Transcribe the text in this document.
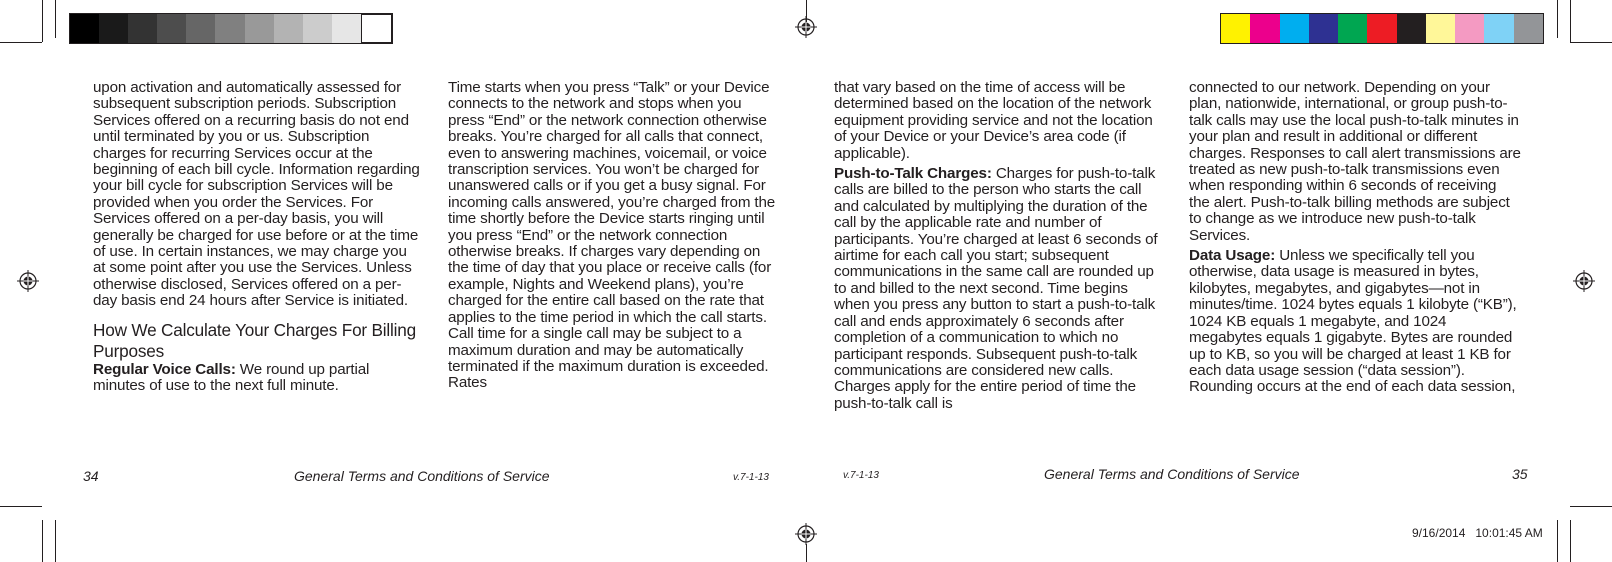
upon activation and automatically assessed for subsequent subscription periods. Subscription Services offered on a recurring basis do not end until terminated by you or us. Subscription charges for recurring Services occur at the beginning of each bill cycle. Information regarding your bill cycle for subscription Services will be provided when you order the Services. For Services offered on a per-day basis, you will generally be charged for use before or at the time of use. In certain instances, we may charge you at some point after you use the Services. Unless otherwise disclosed, Services offered on a per-day basis end 24 hours after Service is initiated.

How We Calculate Your Charges For Billing Purposes

Regular Voice Calls: We round up partial minutes of use to the next full minute.

Time starts when you press “Talk” or your Device connects to the network and stops when you press “End” or the network connection otherwise breaks. You’re charged for all calls that connect, even to answering machines, voicemail, or voice transcription services. You won’t be charged for unanswered calls or if you get a busy signal. For incoming calls answered, you’re charged from the time shortly before the Device starts ringing until you press “End” or the network connection otherwise breaks. If charges vary depending on the time of day that you place or receive calls (for example, Nights and Weekend plans), you’re charged for the entire call based on the rate that applies to the time period in which the call starts. Call time for a single call may be subject to a maximum duration and may be automatically terminated if the maximum duration is exceeded. Rates

34	General Terms and Conditions of Service	v.7-1-13

that vary based on the time of access will be determined based on the location of the network equipment providing service and not the location of your Device or your Device’s area code (if applicable).

Push-to-Talk Charges: Charges for push-to-talk calls are billed to the person who starts the call and calculated by multiplying the duration of the call by the applicable rate and number of participants. You’re charged at least 6 seconds of airtime for each call you start; subsequent communications in the same call are rounded up to and billed to the next second. Time begins when you press any button to start a push-to-talk call and ends approximately 6 seconds after completion of a communication to which no participant responds. Subsequent push-to-talk communications are considered new calls. Charges apply for the entire period of time the push-to-talk call is

connected to our network. Depending on your plan, nationwide, international, or group push-to-talk calls may use the local push-to-talk minutes in your plan and result in additional or different charges. Responses to call alert transmissions are treated as new push-to-talk transmissions even when responding within 6 seconds of receiving the alert. Push-to-talk billing methods are subject to change as we introduce new push-to-talk Services.

Data Usage: Unless we specifically tell you otherwise, data usage is measured in bytes, kilobytes, megabytes, and gigabytes—not in minutes/time. 1024 bytes equals 1 kilobyte (“KB”), 1024 KB equals 1 megabyte, and 1024 megabytes equals 1 gigabyte. Bytes are rounded up to KB, so you will be charged at least 1 KB for each data usage session (“data session”). Rounding occurs at the end of each data session,

v.7-1-13	General Terms and Conditions of Service	35
9/16/2014   10:01:45 AM
